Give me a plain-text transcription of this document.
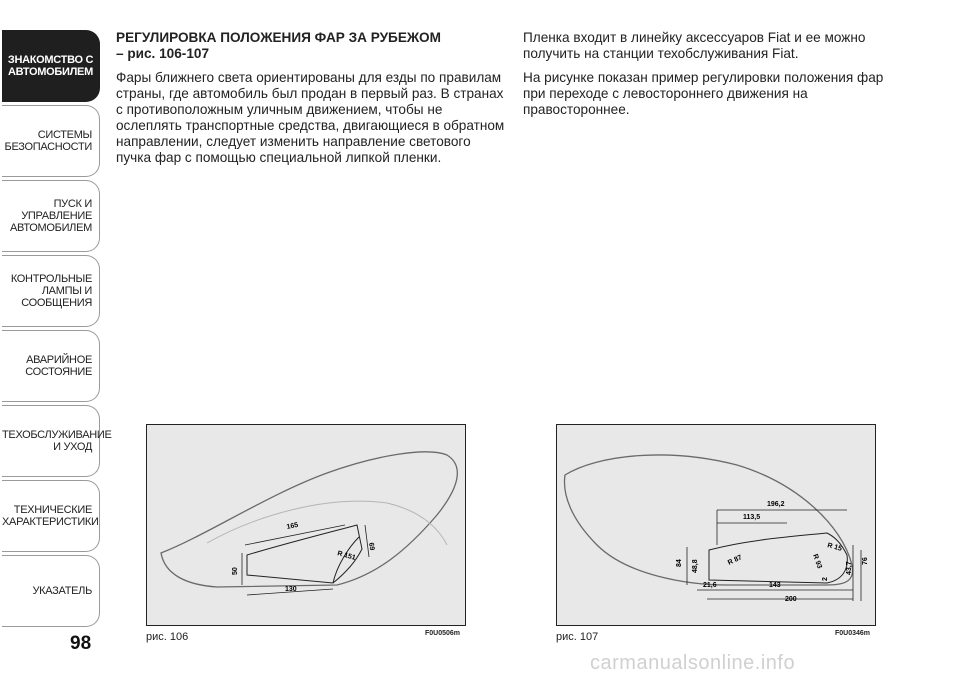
ЗНАКОМСТВО С
АВТОМОБИЛЕМ
СИСТЕМЫ
БЕЗОПАСНОСТИ
ПУСК И УПРАВЛЕНИЕ
АВТОМОБИЛЕМ
КОНТРОЛЬНЫЕ
ЛАМПЫ И
СООБЩЕНИЯ
АВАРИЙНОЕ
СОСТОЯНИЕ
ТЕХОБСЛУЖИВАНИЕ
И УХОД
ТЕХНИЧЕСКИЕ
ХАРАКТЕРИСТИКИ
УКАЗАТЕЛЬ
98
РЕГУЛИРОВКА ПОЛОЖЕНИЯ ФАР ЗА РУБЕЖОМ
– рис. 106-107

Фары ближнего света ориентированы для езды по правилам страны, где автомобиль был продан в первый раз. В странах с противоположным уличным движением, чтобы не ослеплять транспортные средства, двигающиеся в обратном направлении, следует изменить направление светового пучка фар с помощью специальной липкой пленки.

Пленка входит в линейку аксессуаров Fiat и ее можно получить на станции техобслуживания Fiat.

На рисунке показан пример регулировки положения фар при переходе с левостороннего движения на правостороннее.

165
130
50
69
R 151
рис. 106	F0U0506m
196,2
113,5
84 48,8	R 87
R 15
R 93
21,6	143
200
2
43,7
76
рис. 107	F0U0346m
carmanualsonline.info
